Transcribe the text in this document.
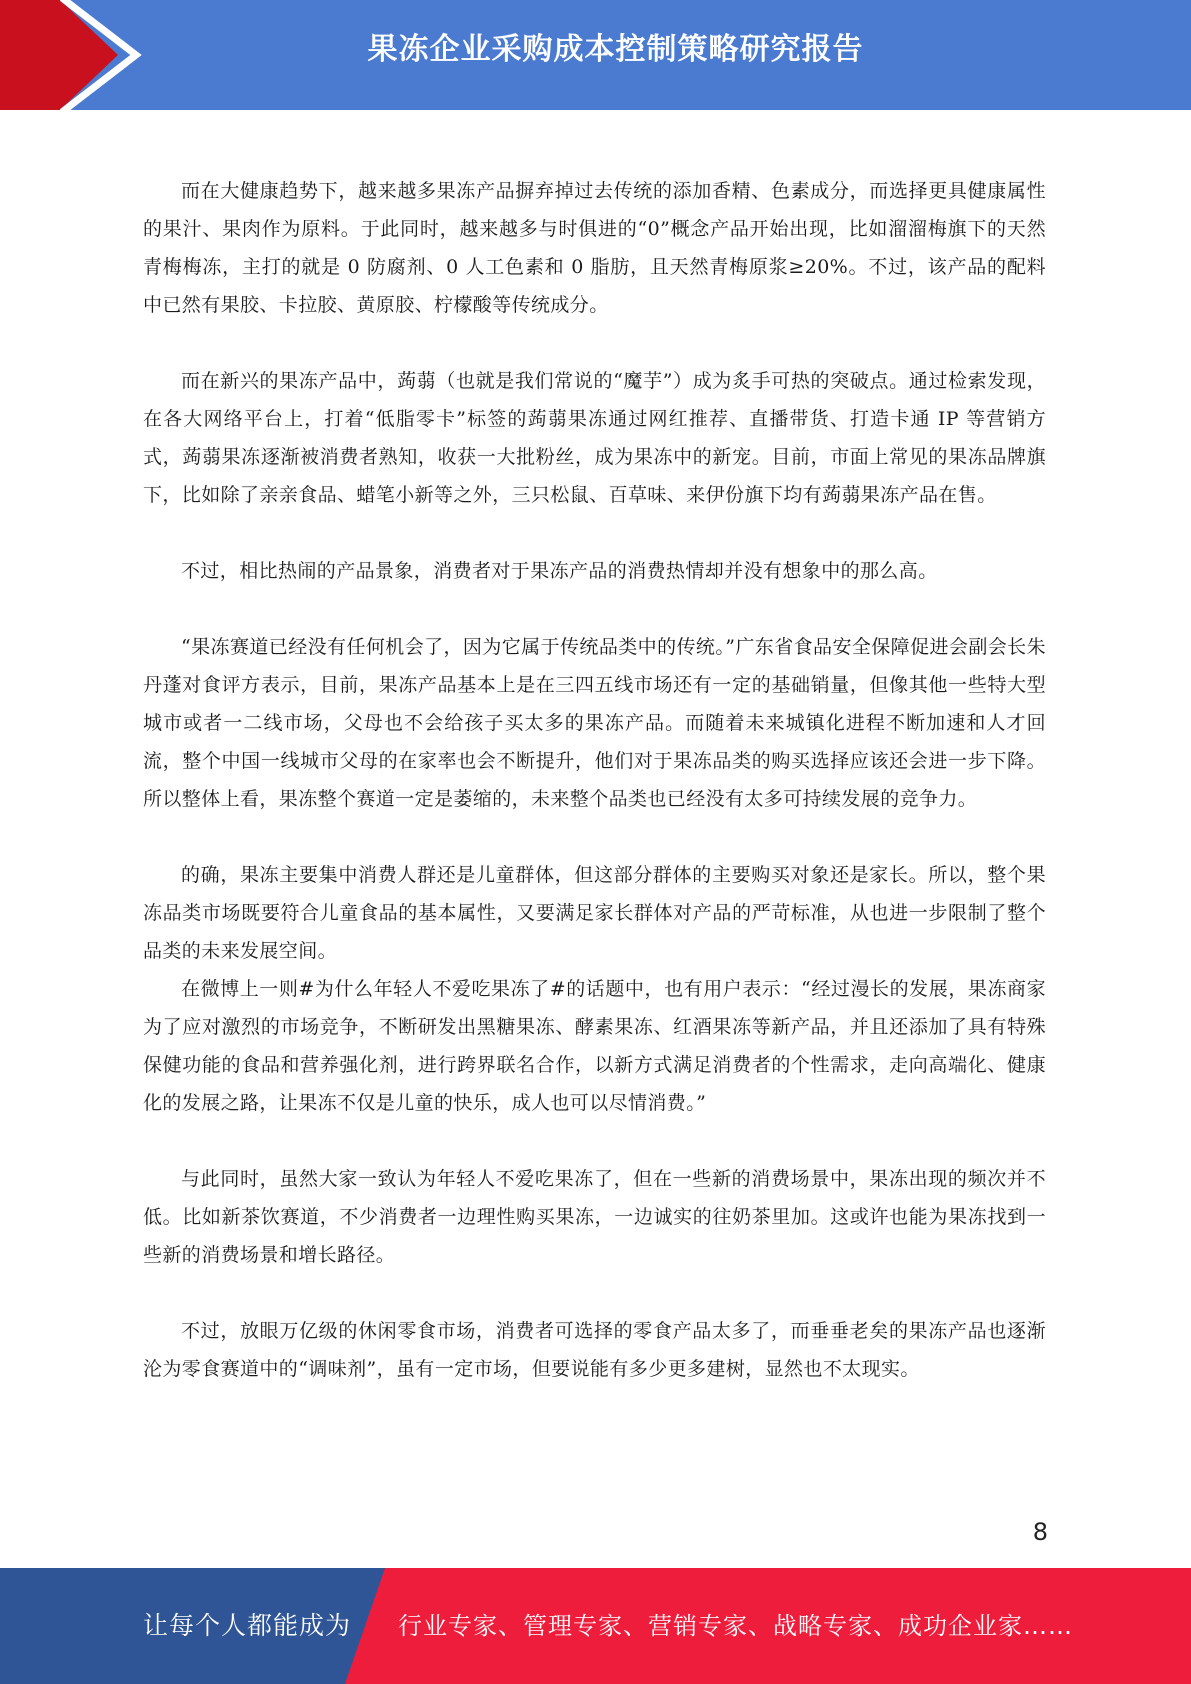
果冻企业采购成本控制策略研究报告

而在大健康趋势下，越来越多果冻产品摒弃掉过去传统的添加香精、色素成分，而选择更具健康属性的果汁、果肉作为原料。于此同时，越来越多与时俱进的“0”概念产品开始出现，比如溜溜梅旗下的天然青梅梅冻，主打的就是 0 防腐剂、0 人工色素和 0 脂肪，且天然青梅原浆≥20%。不过，该产品的配料中已然有果胶、卡拉胶、黄原胶、柠檬酸等传统成分。

而在新兴的果冻产品中，蒟蒻（也就是我们常说的“魔芋”）成为炙手可热的突破点。通过检索发现，在各大网络平台上，打着“低脂零卡”标签的蒟蒻果冻通过网红推荐、直播带货、打造卡通 IP 等营销方式，蒟蒻果冻逐渐被消费者熟知，收获一大批粉丝，成为果冻中的新宠。目前，市面上常见的果冻品牌旗下，比如除了亲亲食品、蜡笔小新等之外，三只松鼠、百草味、来伊份旗下均有蒟蒻果冻产品在售。

不过，相比热闹的产品景象，消费者对于果冻产品的消费热情却并没有想象中的那么高。

“果冻赛道已经没有任何机会了，因为它属于传统品类中的传统。”广东省食品安全保障促进会副会长朱丹蓬对食评方表示，目前，果冻产品基本上是在三四五线市场还有一定的基础销量，但像其他一些特大型城市或者一二线市场，父母也不会给孩子买太多的果冻产品。而随着未来城镇化进程不断加速和人才回流，整个中国一线城市父母的在家率也会不断提升，他们对于果冻品类的购买选择应该还会进一步下降。所以整体上看，果冻整个赛道一定是萎缩的，未来整个品类也已经没有太多可持续发展的竞争力。

的确，果冻主要集中消费人群还是儿童群体，但这部分群体的主要购买对象还是家长。所以，整个果冻品类市场既要符合儿童食品的基本属性，又要满足家长群体对产品的严苛标准，从也进一步限制了整个品类的未来发展空间。

在微博上一则#为什么年轻人不爱吃果冻了#的话题中，也有用户表示：“经过漫长的发展，果冻商家为了应对激烈的市场竞争，不断研发出黑糖果冻、酵素果冻、红酒果冻等新产品，并且还添加了具有特殊保健功能的食品和营养强化剂，进行跨界联名合作，以新方式满足消费者的个性需求，走向高端化、健康化的发展之路，让果冻不仅是儿童的快乐，成人也可以尽情消费。”

与此同时，虽然大家一致认为年轻人不爱吃果冻了，但在一些新的消费场景中，果冻出现的频次并不低。比如新茶饮赛道，不少消费者一边理性购买果冻，一边诚实的往奶茶里加。这或许也能为果冻找到一些新的消费场景和增长路径。

不过，放眼万亿级的休闲零食市场，消费者可选择的零食产品太多了，而垂垂老矣的果冻产品也逐渐沦为零食赛道中的“调味剂”，虽有一定市场，但要说能有多少更多建树，显然也不太现实。

8
让每个人都能成为 行业专家、管理专家、营销专家、战略专家、成功企业家……
